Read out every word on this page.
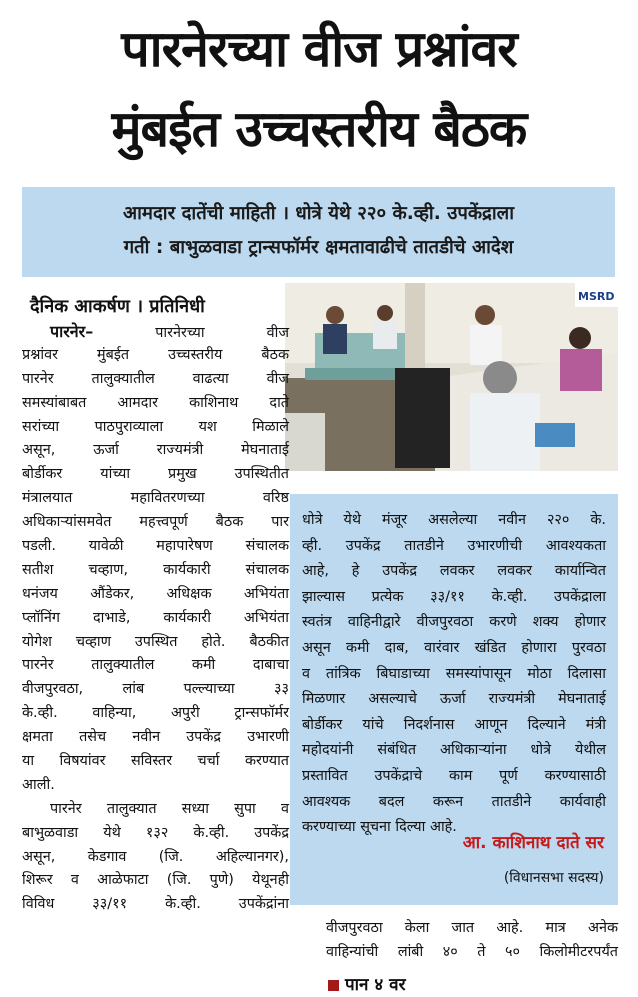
पारनेरच्या वीज प्रश्नांवर
मुंबईत उच्चस्तरीय बैठक
आमदार दातेंची माहिती । धोत्रे येथे २२० के.व्ही. उपकेंद्राला
गती : बाभुळवाडा ट्रान्सफॉर्मर क्षमतावाढीचे तातडीचे आदेश
दैनिक आकर्षण । प्रतिनिधी	MSRD
पारनेर–	पारनेरच्या वीज
प्रश्नांवर मुंबईत उच्चस्तरीय बैठक
पारनेर तालुक्यातील वाढत्या वीज
समस्यांबाबत आमदार काशिनाथ दाते
सरांच्या पाठपुराव्याला यश मिळाले
असून, ऊर्जा राज्यमंत्री मेघनाताई
बोर्डीकर यांच्या प्रमुख उपस्थितीत
मंत्रालयात महावितरणच्या वरिष्ठ
अधिकाऱ्यांसमवेत महत्त्वपूर्ण बैठक पार
पडली. यावेळी महापारेषण संचालक
सतीश चव्हाण, कार्यकारी संचालक
धनंजय औंडेकर, अधिक्षक अभियंता
प्लॉनिंग दाभाडे, कार्यकारी अभियंता
योगेश चव्हाण उपस्थित होते. बैठकीत
पारनेर तालुक्यातील कमी दाबाचा
वीजपुरवठा, लांब पल्ल्याच्या ३३
के.व्ही. वाहिन्या, अपुरी ट्रान्सफॉर्मर
क्षमता तसेच नवीन उपकेंद्र उभारणी
या विषयांवर सविस्तर चर्चा करण्यात
आली.
पारनेर तालुक्यात सध्या सुपा व
बाभुळवाडा येथे १३२ के.व्ही. उपकेंद्र
असून, केडगाव (जि. अहिल्यानगर),
शिरूर व आळेफाटा (जि. पुणे) येथूनही
विविध ३३/११ के.व्ही. उपकेंद्रांना
धोत्रे येथे मंजूर असलेल्या नवीन २२० के.
व्ही. उपकेंद्र तातडीने उभारणीची आवश्यकता
आहे, हे उपकेंद्र लवकर लवकर कार्यान्वित
झाल्यास प्रत्येक ३३/११ के.व्ही. उपकेंद्राला
स्वतंत्र वाहिनीद्वारे वीजपुरवठा करणे शक्य होणार
असून कमी दाब, वारंवार खंडित होणारा पुरवठा
व तांत्रिक बिघाडाच्या समस्यांपासून मोठा दिलासा
मिळणार असल्याचे ऊर्जा राज्यमंत्री मेघनाताई
बोर्डीकर यांचे निदर्शनास आणून दिल्याने मंत्री
महोदयांनी संबंधित अधिकाऱ्यांना धोत्रे येथील
प्रस्तावित उपकेंद्राचे काम पूर्ण करण्यासाठी
आवश्यक बदल करून तातडीने कार्यवाही
करण्याच्या सूचना दिल्या आहे.
आ. काशिनाथ दाते सर
(विधानसभा सदस्य)
वीजपुरवठा केला जात आहे. मात्र अनेक
वाहिन्यांची लांबी ४० ते ५० किलोमीटरपर्यंत
पान ४ वर
